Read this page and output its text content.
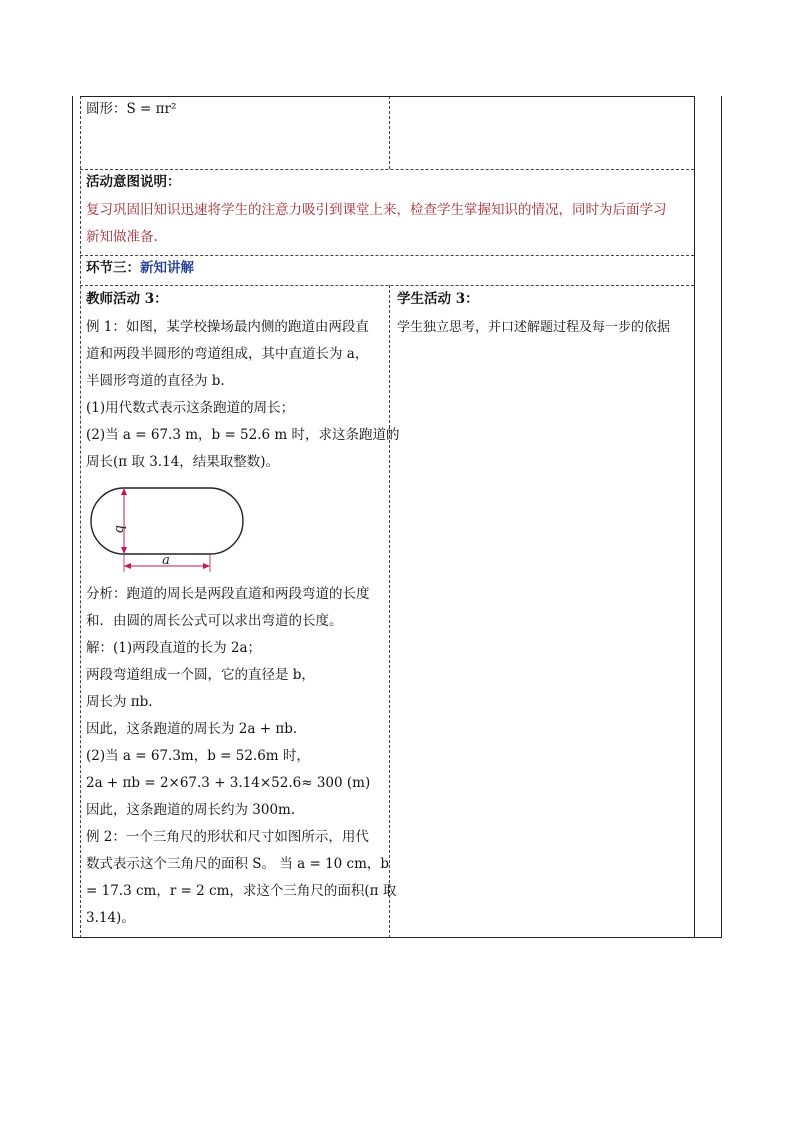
圆形：S = πr²
活动意图说明：
复习巩固旧知识迅速将学生的注意力吸引到课堂上来，检查学生掌握知识的情况，同时为后面学习
新知做准备.
环节三：新知讲解
教师活动 3：
例 1：如图，某学校操场最内侧的跑道由两段直
道和两段半圆形的弯道组成，其中直道长为 a，
半圆形弯道的直径为 b.
(1)用代数式表示这条跑道的周长；
(2)当 a = 67.3 m，b = 52.6 m 时，求这条跑道的
周长(π 取 3.14，结果取整数)。
b
a
分析：跑道的周长是两段直道和两段弯道的长度
和．由圆的周长公式可以求出弯道的长度。
解：(1)两段直道的长为 2a；
两段弯道组成一个圆，它的直径是 b，
周长为 πb.
因此，这条跑道的周长为 2a + πb.
(2)当 a = 67.3m，b = 52.6m 时，
2a + πb = 2×67.3 + 3.14×52.6≈ 300 (m)
因此，这条跑道的周长约为 300m.
例 2：一个三角尺的形状和尺寸如图所示，用代
数式表示这个三角尺的面积 S。 当 a = 10 cm，b
= 17.3 cm，r = 2 cm，求这个三角尺的面积(π 取
3.14)。
学生活动 3：
学生独立思考，并口述解题过程及每一步的依据
